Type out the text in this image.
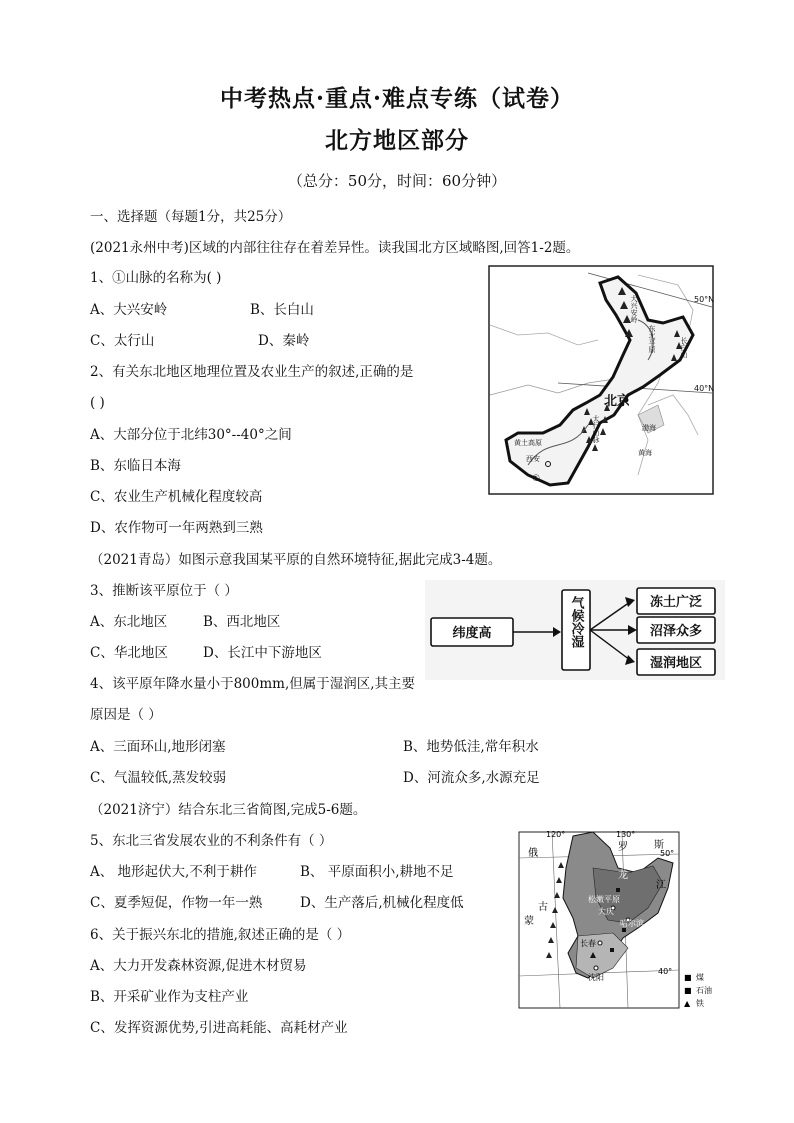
中考热点·重点·难点专练（试卷）
北方地区部分
（总分：50分，时间：60分钟）
一、选择题（每题1分，共25分）
(2021永州中考)区域的内部往往存在着差异性。读我国北方区域略图,回答1-2题。
1、①山脉的名称为( )
A、大兴安岭	B、长白山
C、太行山	D、秦岭
2、有关东北地区地理位置及农业生产的叙述,正确的是
( )
A、大部分位于北纬30°--40°之间
B、东临日本海
C、农业生产机械化程度较高
D、农作物可一年两熟到三熟
（2021青岛）如图示意我国某平原的自然环境特征,据此完成3-4题。
3、推断该平原位于（ ）
A、东北地区	B、西北地区
C、华北地区	D、长江中下游地区
4、该平原年降水量小于800mm,但属于湿润区,其主要
原因是（ ）
A、三面环山,地形闭塞	B、地势低洼,常年积水
C、气温较低,蒸发较弱	D、河流众多,水源充足
（2021济宁）结合东北三省简图,完成5-6题。
5、东北三省发展农业的不利条件有（ ）
A、 地形起伏大,不利于耕作	B、 平原面积小,耕地不足
C、夏季短促，作物一年一熟	D、生产落后,机械化程度低
6、关于振兴东北的措施,叙述正确的是（ ）
A、大力开发森林资源,促进木材贸易
B、开采矿业作为支柱产业
C、发挥资源优势,引进高耗能、高耗材产业
50°N
40°N
北京
西安
黄土高原
渤海
黄海
①
太行山脉
大兴安岭
东北平原	长白山
纬度高	气候冷湿	冻土广泛
沼泽众多
湿润地区
120°	130°
50°
40°
俄
罗	斯
蒙
古
龙
江
松嫩平原
大庆
哈尔滨
长春
沈阳	■ 煤
■ 石油
▲ 铁
